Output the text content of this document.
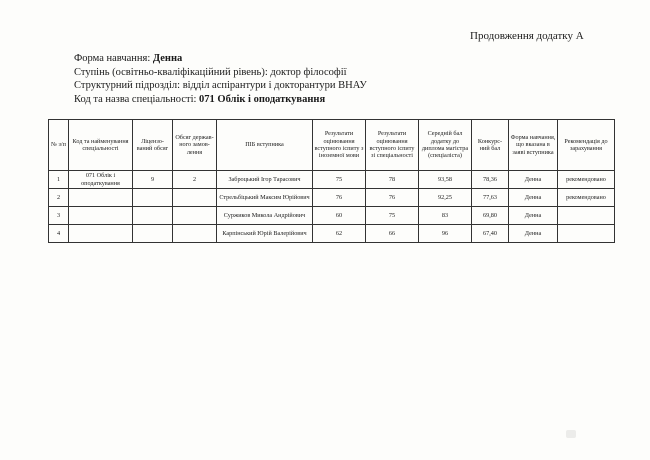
Продовження додатку А
Форма навчання: Денна
Ступінь (освітньо-кваліфікаційний рівень): доктор філософії
Структурний підрозділ: відділ аспірантури і докторантури ВНАУ
Код та назва спеціальності: 071 Облік і оподаткування
№ з/п	Код та найменування спеціальності	Ліцензо-ваний обсяг	Обсяг держав-ного замов-лення	ПІБ вступника	Результати оцінювання вступного іспиту з іноземної мови	Результати оцінювання вступного іспиту зі спеціальності	Середній бал додатку до диплома магістра (спеціаліста)	Конкурс-ний бал	Форма навчання, що вказана в заяві вступника	Рекомендація до зарахування
1	071 Облік і оподаткування	9	2	Заброцький Ігор Тарасович	75	78	93,58	78,36	Денна	рекомендовано
2				Стрельбіцький Максим Юрійович	76	76	92,25	77,63	Денна	рекомендовано
3				Суржиков Микола Андрійович	60	75	83	69,80	Денна	
4				Карпінський Юрій Валерійович	62	66	96	67,40	Денна	
